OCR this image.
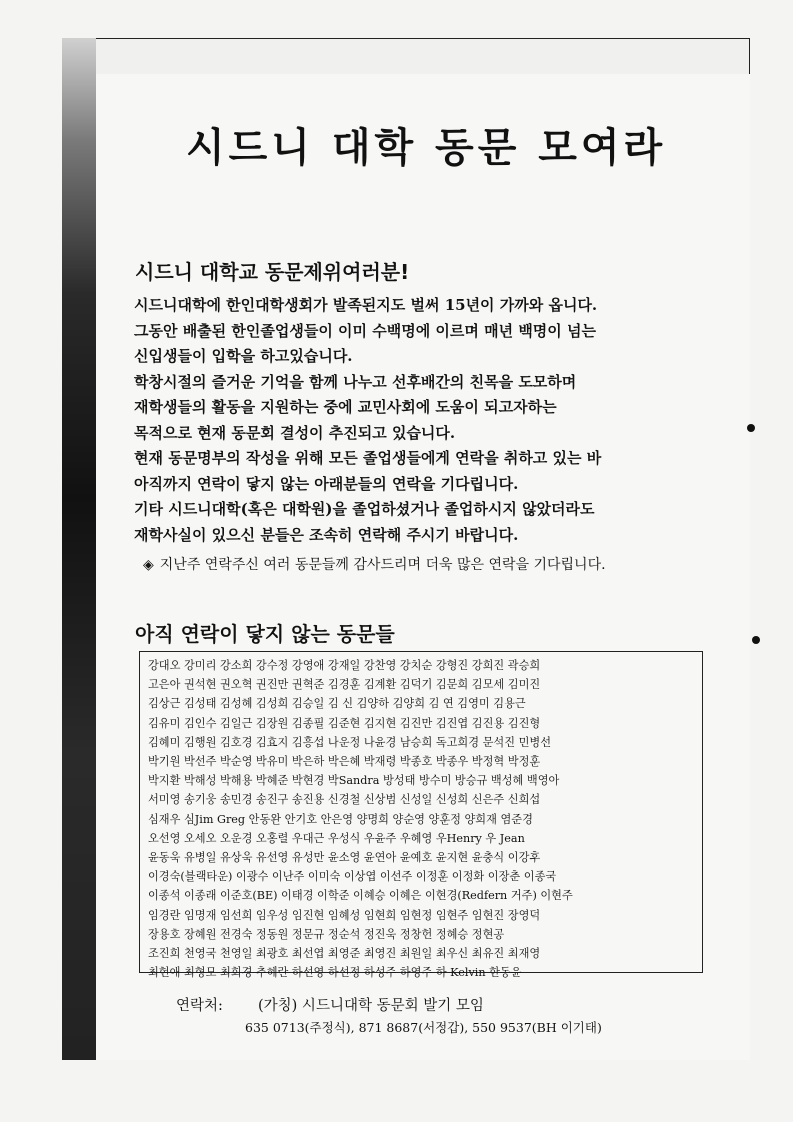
시드니 대학 동문 모여라
시드니 대학교 동문제위여러분!
시드니대학에 한인대학생회가 발족된지도 벌써 15년이 가까와 옵니다.
그동안 배출된 한인졸업생들이 이미 수백명에 이르며 매년 백명이 넘는
신입생들이 입학을 하고있습니다.
학창시절의 즐거운 기억을 함께 나누고 선후배간의 친목을 도모하며
재학생들의 활동을 지원하는 중에 교민사회에 도움이 되고자하는
목적으로 현재 동문회 결성이 추진되고 있습니다.
현재 동문명부의 작성을 위해 모든 졸업생들에게 연락을 취하고 있는 바
아직까지 연락이 닿지 않는 아래분들의 연락을 기다립니다.
기타 시드니대학(혹은 대학원)을 졸업하셨거나 졸업하시지 않았더라도
재학사실이 있으신 분들은 조속히 연락해 주시기 바랍니다.
◈ 지난주 연락주신 여러 동문들께 감사드리며 더욱 많은 연락을 기다립니다.
아직 연락이 닿지 않는 동문들
강대오 강미리 강소희 강수정 강영애 강재일 강찬영 강치순 강형진 강희진 곽승희
고은아 권석현 권오혁 권진만 권혁준 김경훈 김계환 김덕기 김문희 김모세 김미진
김상근 김성태 김성혜 김성희 김승일 김 신 김양하 김양희 김 연 김영미 김용근
김유미 김인수 김일근 김장원 김종필 김준현 김지현 김진만 김진엽 김진용 김진형
김혜미 김행원 김호경 김효지 김흥섭 나운정 나윤경 남승희 독고희경 문석진 민병선
박기원 박선주 박순영 박유미 박은하 박은혜 박재령 박종호 박종우 박정혁 박정훈
박지환 박해성 박해용 박혜준 박현경 박Sandra 방성태 방수미 방승규 백성혜 백영아
서미영 송기웅 송민경 송진구 송진용 신경철 신상범 신성일 신성희 신은주 신희섭
심재우 심Jim Greg 안동완 안기호 안은영 양명희 양순영 양훈정 양희재 염준경
오선영 오세오 오운경 오홍렬 우대근 우성식 우윤주 우혜영 우Henry 우 Jean
윤동욱 유병일 유상욱 유선영 유성만 윤소영 윤연아 윤예호 윤지현 윤충식 이강후
이경숙(블랙타운) 이광수 이난주 이미숙 이상엽 이선주 이정훈 이정화 이장춘 이종국
이종석 이종래 이준호(BE) 이태경 이학준 이혜승 이혜은 이현경(Redfern 거주) 이현주
임경란 임명재 임선희 임우성 임진현 임혜성 임현희 임현정 임현주 임현진 장영덕
장용호 장혜원 전경숙 정동원 정문규 정순석 정진욱 정창헌 정혜승 정현공
조진희 천영국 천영일 최광호 최선엽 최영준 최영진 최원일 최우신 최유진 최재영
최현애 최형모 최희경 추혜란 하선영 하선정 하성주 하영주 하 Kelvin 한동윤
연락처: (가칭) 시드니대학 동문회 발기 모임
635 0713(주정식), 871 8687(서정갑), 550 9537(BH 이기태)
